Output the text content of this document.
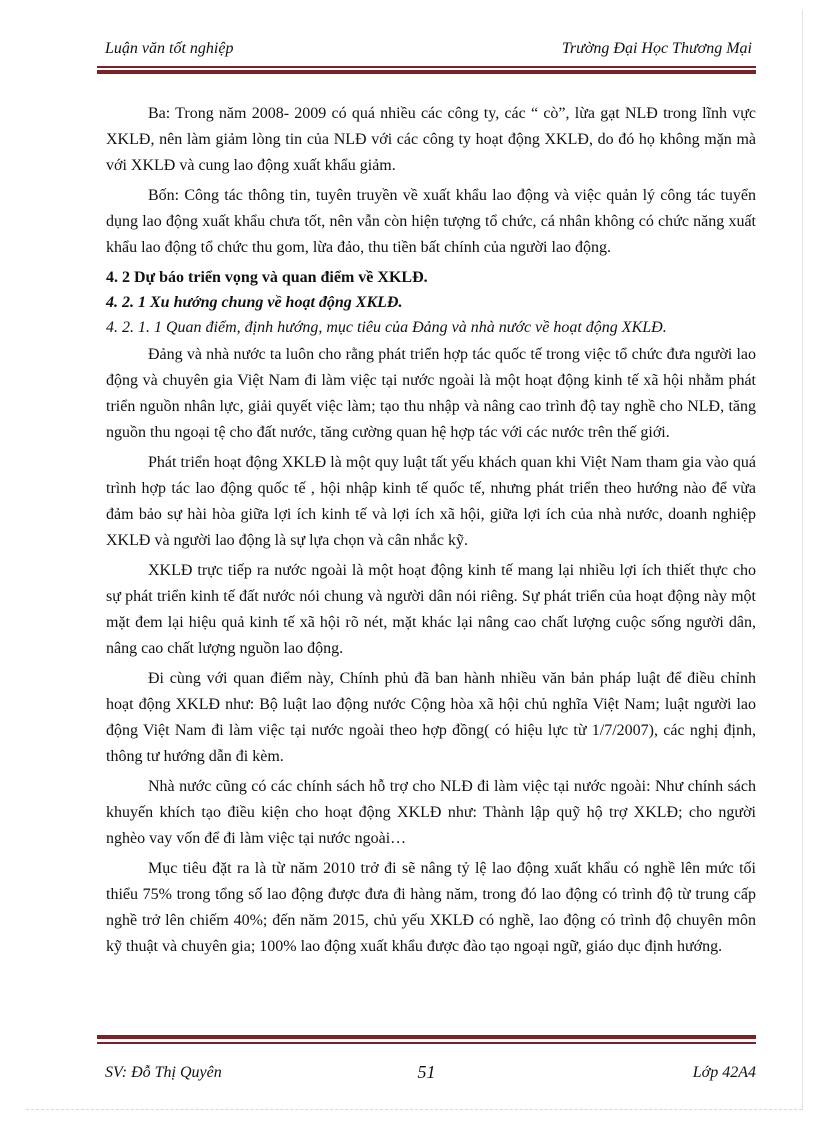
Luận văn tốt nghiệp	Trường Đại Học Thương Mại

Ba: Trong năm 2008- 2009 có quá nhiều các công ty, các “ cò”, lừa gạt NLĐ trong lĩnh vực XKLĐ, nên làm giảm lòng tin của NLĐ với các công ty hoạt động XKLĐ, do đó họ không mặn mà với XKLĐ và cung lao động xuất khẩu giảm.

Bốn: Công tác thông tin, tuyên truyền về xuất khẩu lao động và việc quản lý công tác tuyển dụng lao động xuất khẩu chưa tốt, nên vẫn còn hiện tượng tổ chức, cá nhân không có chức năng xuất khẩu lao động tổ chức thu gom, lừa đảo, thu tiền bất chính của người lao động.

4. 2 Dự báo triển vọng và quan điểm về XKLĐ.
4. 2. 1 Xu hướng chung về hoạt động XKLĐ.
4. 2. 1. 1 Quan điểm, định hướng, mục tiêu của Đảng và nhà nước về hoạt động XKLĐ.

Đảng và nhà nước ta luôn cho rằng phát triển hợp tác quốc tế trong việc tổ chức đưa người lao động và chuyên gia Việt Nam đi làm việc tại nước ngoài là một hoạt động kinh tế xã hội nhằm phát triển nguồn nhân lực, giải quyết việc làm; tạo thu nhập và nâng cao trình độ tay nghề cho NLĐ, tăng nguồn thu ngoại tệ cho đất nước, tăng cường quan hệ hợp tác với các nước trên thế giới.

Phát triển hoạt động XKLĐ là một quy luật tất yếu khách quan khi Việt Nam tham gia vào quá trình hợp tác lao động quốc tế , hội nhập kinh tế quốc tế, nhưng phát triển theo hướng nào để vừa đảm bảo sự hài hòa giữa lợi ích kinh tế và lợi ích xã hội, giữa lợi ích của nhà nước, doanh nghiệp XKLĐ và người lao động là sự lựa chọn và cân nhắc kỹ.

XKLĐ trực tiếp ra nước ngoài là một hoạt động kinh tế mang lại nhiều lợi ích thiết thực cho sự phát triển kinh tế đất nước nói chung và người dân nói riêng. Sự phát triển của hoạt động này một mặt đem lại hiệu quả kinh tế xã hội rõ nét, mặt khác lại nâng cao chất lượng cuộc sống người dân, nâng cao chất lượng nguồn lao động.

Đi cùng với quan điểm này, Chính phủ đã ban hành nhiều văn bản pháp luật để điều chỉnh hoạt động XKLĐ như: Bộ luật lao động nước Cộng hòa xã hội chủ nghĩa Việt Nam; luật người lao động Việt Nam đi làm việc tại nước ngoài theo hợp đồng( có hiệu lực từ 1/7/2007), các nghị định, thông tư hướng dẫn đi kèm.

Nhà nước cũng có các chính sách hỗ trợ cho NLĐ đi làm việc tại nước ngoài: Như chính sách khuyến khích tạo điều kiện cho hoạt động XKLĐ như: Thành lập quỹ hộ trợ XKLĐ; cho người nghèo vay vốn để đi làm việc tại nước ngoài…

Mục tiêu đặt ra là từ năm 2010 trở đi sẽ nâng tỷ lệ lao động xuất khẩu có nghề lên mức tối thiểu 75% trong tổng số lao động được đưa đi hàng năm, trong đó lao động có trình độ từ trung cấp nghề trở lên chiếm 40%; đến năm 2015, chủ yếu XKLĐ có nghề, lao động có trình độ chuyên môn kỹ thuật và chuyên gia; 100% lao động xuất khẩu được đào tạo ngoại ngữ, giáo dục định hướng.

SV: Đỗ Thị Quyên	51	Lớp 42A4
